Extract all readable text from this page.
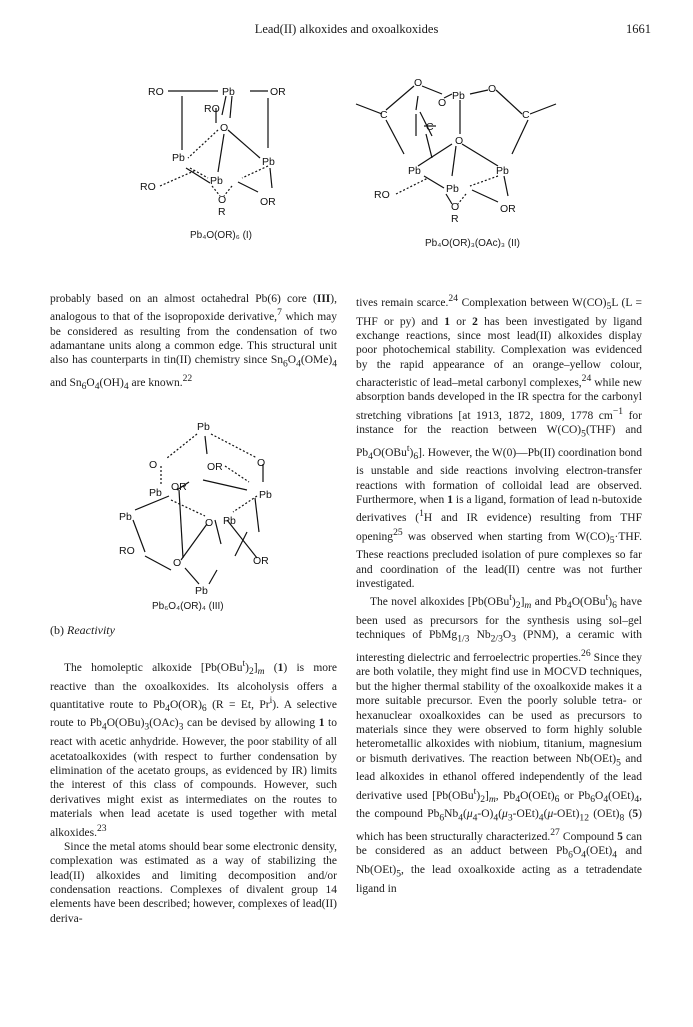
Lead(II) alkoxides and oxoalkoxides	1661
RO	Pb	OR
RO
O
Pb	Pb
Pb
RO
O
R
OR
Pb₄O(OR)₆ (I)
O
O
Pb
O
C
C
C
O
Pb	Pb
Pb
RO
O
R
OR
Pb₄O(OR)₃(OAc)₃ (II)
Pb
O	OR	O
Pb OR
Pb
Pb	O Pb
RO
O	OR
Pb
Pb₆O₄(OR)₄ (III)

probably based on an almost octahedral Pb(6) core (III), analogous to that of the isopropoxide derivative,$^7$ which may be considered as resulting from the condensation of two adamantane units along a common edge. This structural unit also has counterparts in tin(II) chemistry since $Sn_6O_4(OMe)_4$ and $Sn_6O_4(OH)_4$ are known.$^{22}$

(b) Reactivity

The homoleptic alkoxide $[Pb(OBu^t)_2]_m$ (1) is more reactive than the oxoalkoxides. Its alcoholysis offers a quantitative route to $Pb_4O(OR)_6$ (R = Et, Pr$^i$). A selective route to $Pb_4O(OBu)_3(OAc)_3$ can be devised by allowing 1 to react with acetic anhydride. However, the poor stability of all acetatoalkoxides (with respect to further condensation by elimination of the acetato groups, as evidenced by IR) limits the interest of this class of compounds. However, such derivatives might exist as intermediates on the routes to materials when lead acetate is used together with metal alkoxides.$^{23}$

Since the metal atoms should bear some electronic density, complexation was estimated as a way of stabilizing the lead(II) alkoxides and limiting decomposition and/or condensation reactions. Complexes of divalent group 14 elements have been described; however, complexes of lead(II) deriva-

tives remain scarce.$^{24}$ Complexation between $W(CO)_5L$ (L = THF or py) and 1 or 2 has been investigated by ligand exchange reactions, since most lead(II) alkoxides display poor photochemical stability. Complexation was evidenced by the rapid appearance of an orange–yellow colour, characteristic of lead–metal carbonyl complexes,$^{24}$ while new absorption bands developed in the IR spectra for the carbonyl stretching vibrations [at 1913, 1872, 1809, 1778 $cm^{-1}$ for instance for the reaction between $W(CO)_5(THF)$ and $Pb_4O(OBu^t)_6$]. However, the W(0)—Pb(II) coordination bond is unstable and side reactions involving electron-transfer reactions with formation of colloidal lead are observed. Furthermore, when 1 is a ligand, formation of lead n-butoxide derivatives ($^1$H and IR evidence) resulting from THF opening$^{25}$ was observed when starting from $W(CO)_5\cdot THF$. These reactions precluded isolation of pure complexes so far and coordination of the lead(II) centre was not further investigated.

The novel alkoxides $[Pb(OBu^t)_2]_m$ and $Pb_4O(OBu^t)_6$ have been used as precursors for the synthesis using sol–gel techniques of PbMg$_{1/3}$ $Nb_{2/3}O_3$ (PNM), a ceramic with interesting dielectric and ferroelectric properties.$^{26}$ Since they are both volatile, they might find use in MOCVD techniques, but the higher thermal stability of the oxoalkoxide makes it a more suitable precursor. Even the poorly soluble tetra- or hexanuclear oxoalkoxides can be used as precursors to materials since they were observed to form highly soluble heterometallic alkoxides with niobium, titanium, magnesium or bismuth derivatives. The reaction between $Nb(OEt)_5$ and lead alkoxides in ethanol offered independently of the lead derivative used $[Pb(OBu^t)_2]_m$, $Pb_4O(OEt)_6$ or $Pb_6O_4(OEt)_4$, the compound $Pb_6Nb_4(\mu_4-O)_4(\mu_3-OEt)_4(\mu-OEt)_{12}$ $(OEt)_8$ (5) which has been structurally characterized.$^{27}$ Compound 5 can be considered as an adduct between $Pb_6O_4(OEt)_4$ and $Nb(OEt)_5$, the lead oxoalkoxide acting as a tetradendate ligand in
